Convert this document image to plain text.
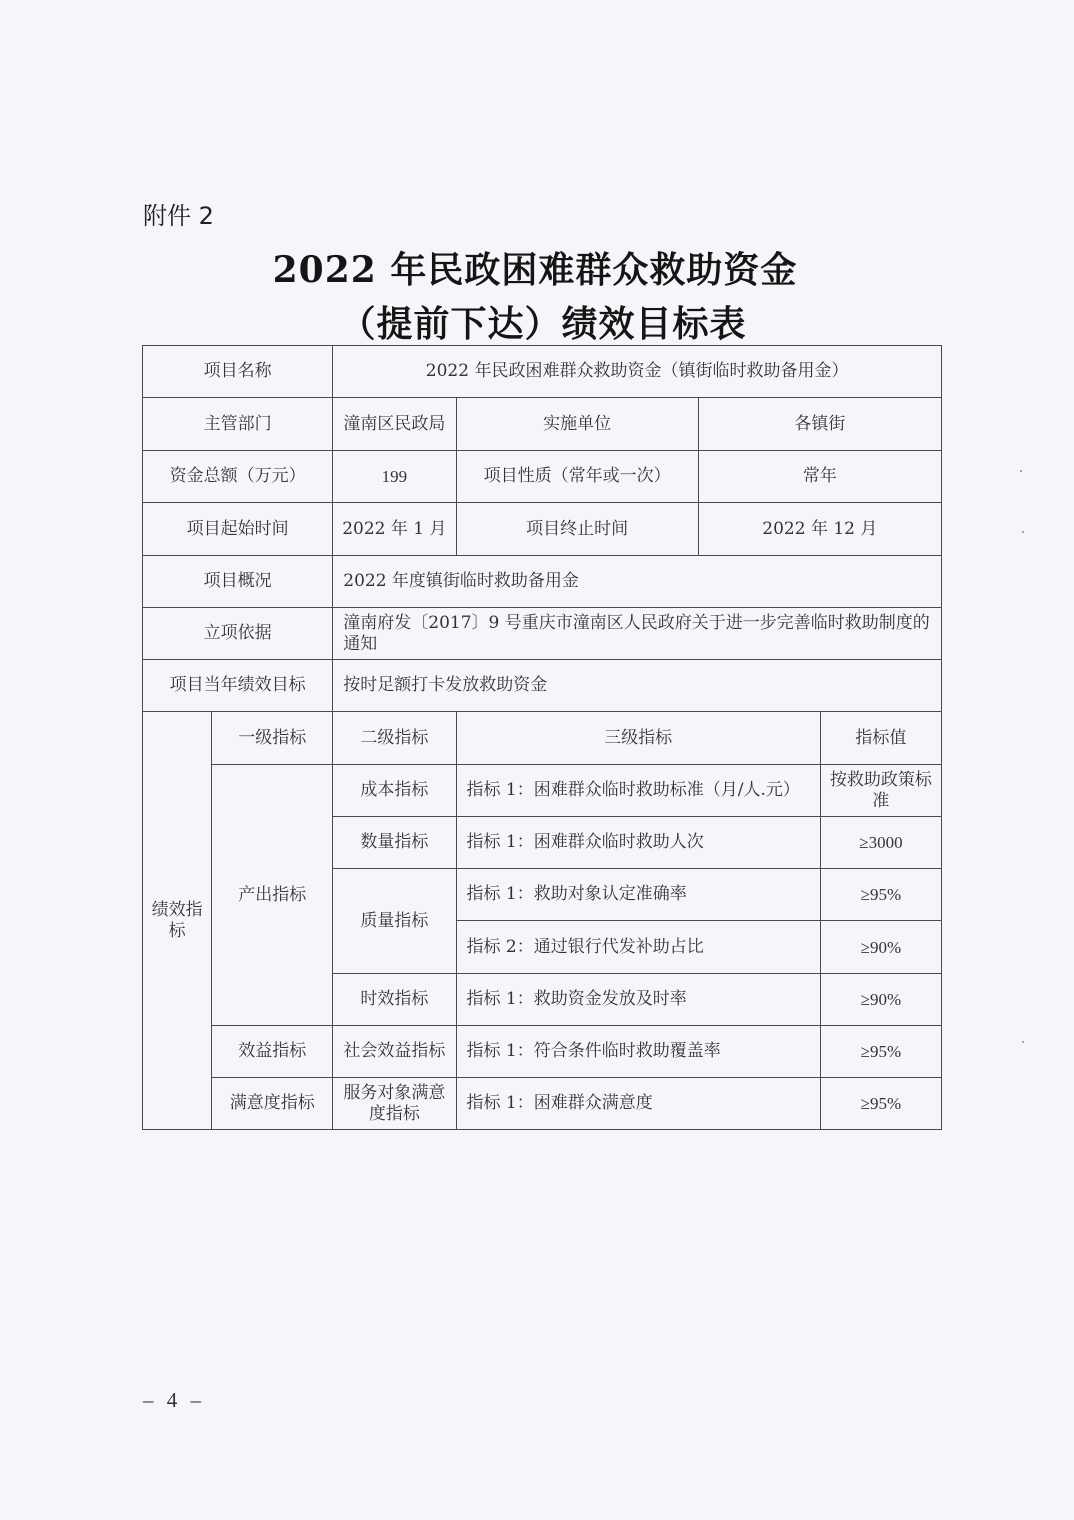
附件 2
2022 年民政困难群众救助资金
（提前下达）绩效目标表
项目名称		2022 年民政困难群众救助资金（镇街临时救助备用金）			
主管部门		潼南区民政局	实施单位	各镇街	
资金总额（万元）		199	项目性质（常年或一次）	常年	
项目起始时间		2022 年 1 月	项目终止时间	2022 年 12 月	
项目概况		2022 年度镇街临时救助备用金			
立项依据		潼南府发〔2017〕9 号重庆市潼南区人民政府关于进一步完善临时救助制度的通知			
项目当年绩效目标		按时足额打卡发放救助资金			
绩效指标	一级指标	二级指标	三级指标		指标值
	产出指标	成本指标	指标 1：困难群众临时救助标准（月/人.元）		按救助政策标准
		数量指标	指标 1：困难群众临时救助人次		≥3000
		质量指标	指标 1：救助对象认定准确率		≥95%
			指标 2：通过银行代发补助占比		≥90%
		时效指标	指标 1：救助资金发放及时率		≥90%
	效益指标	社会效益指标	指标 1：符合条件临时救助覆盖率		≥95%
	满意度指标	服务对象满意度指标	指标 1：困难群众满意度		≥95%
– 4 –
